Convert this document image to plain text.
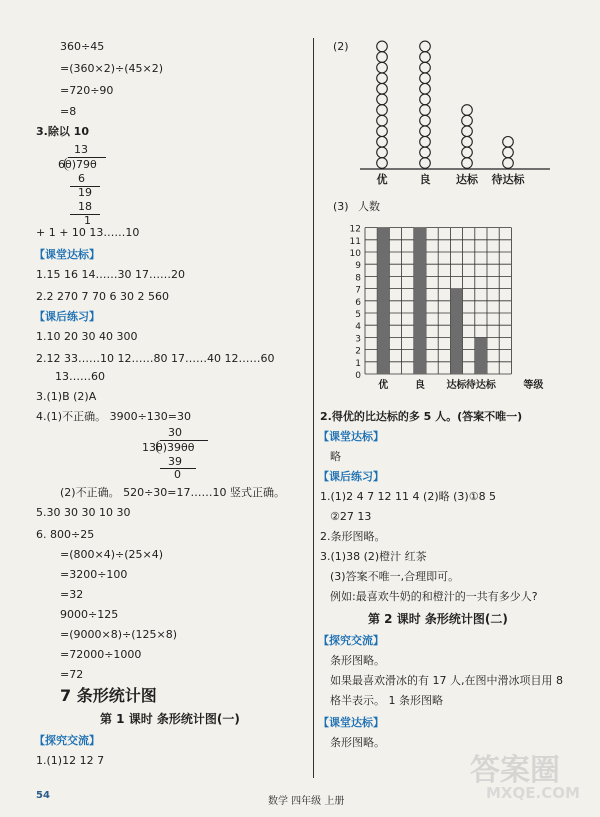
360÷45
=(360×2)÷(45×2)
=720÷90
=8
3.除以 10
13
6θ)79θ
6
19
18
1
+ 1 + 10 13……10
【课堂达标】
1.15 16 14……30 17……20
2.2 270 7 70 6 30 2 560
【课后练习】
1.10 20 30 40 300
2.12 33……10 12……80 17……40 12……60
13……60
3.(1)B (2)A
4.(1)不正确。 3900÷130=30
30
13θ)39θθ
39
0
(2)不正确。 520÷30=17……10 竖式正确。
5.30 30 30 10 30
6. 800÷25
=(800×4)÷(25×4)
=3200÷100
=32
9000÷125
=(9000×8)÷(125×8)
=72000÷1000
=72
7 条形统计图
第 1 课时 条形统计图(一)
【探究交流】
1.(1)12 12 7
(2)
优	良 达标 待达标
(3) 人数
优	良 达标 待达标
12
11
10
9
8
7
6
5
4
3
2
1
0
等级
2.得优的比达标的多 5 人。(答案不唯一)
【课堂达标】
略
【课后练习】
1.(1)2 4 7 12 11 4 (2)略 (3)①8 5
②27 13
2.条形图略。
3.(1)38 (2)橙汁 红茶
(3)答案不唯一,合理即可。
例如:最喜欢牛奶的和橙汁的一共有多少人?
第 2 课时 条形统计图(二)
【探究交流】
条形图略。
如果最喜欢滑冰的有 17 人,在图中滑冰项目用 8
格半表示。 1 条形图略
【课堂达标】
条形图略。
54
数学 四年级 上册
答案圈
MXQE.COM
